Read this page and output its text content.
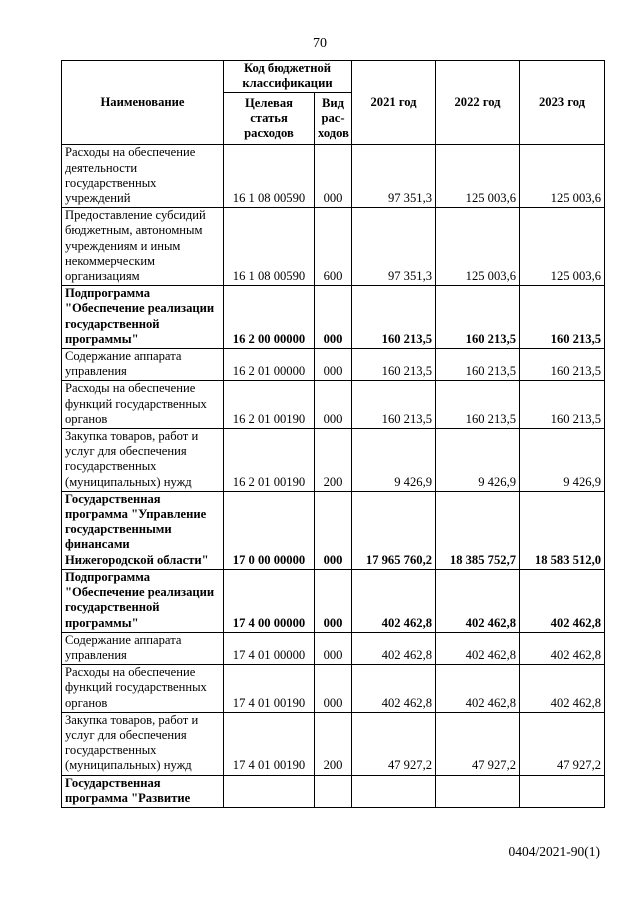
70
Наименование	Код бюджетной классификации		2021 год	2022 год	2023 год
	Целевая статья расходов	Вид рас-ходов			
Расходы на обеспечение деятельности государственных учреждений	16 1 08 00590	000	97 351,3	125 003,6	125 003,6
Предоставление субсидий бюджетным, автономным учреждениям и иным некоммерческим организациям	16 1 08 00590	600	97 351,3	125 003,6	125 003,6
Подпрограмма "Обеспечение реализации государственной программы"	16 2 00 00000	000	160 213,5	160 213,5	160 213,5
Содержание аппарата управления	16 2 01 00000	000	160 213,5	160 213,5	160 213,5
Расходы на обеспечение функций государственных органов	16 2 01 00190	000	160 213,5	160 213,5	160 213,5
Закупка товаров, работ и услуг для обеспечения государственных (муниципальных) нужд	16 2 01 00190	200	9 426,9	9 426,9	9 426,9
Государственная программа "Управление государственными финансами Нижегородской области"	17 0 00 00000	000	17 965 760,2	18 385 752,7	18 583 512,0
Подпрограмма "Обеспечение реализации государственной программы"	17 4 00 00000	000	402 462,8	402 462,8	402 462,8
Содержание аппарата управления	17 4 01 00000	000	402 462,8	402 462,8	402 462,8
Расходы на обеспечение функций государственных органов	17 4 01 00190	000	402 462,8	402 462,8	402 462,8
Закупка товаров, работ и услуг для обеспечения государственных (муниципальных) нужд	17 4 01 00190	200	47 927,2	47 927,2	47 927,2
Государственная программа "Развитие					
0404/2021-90(1)
